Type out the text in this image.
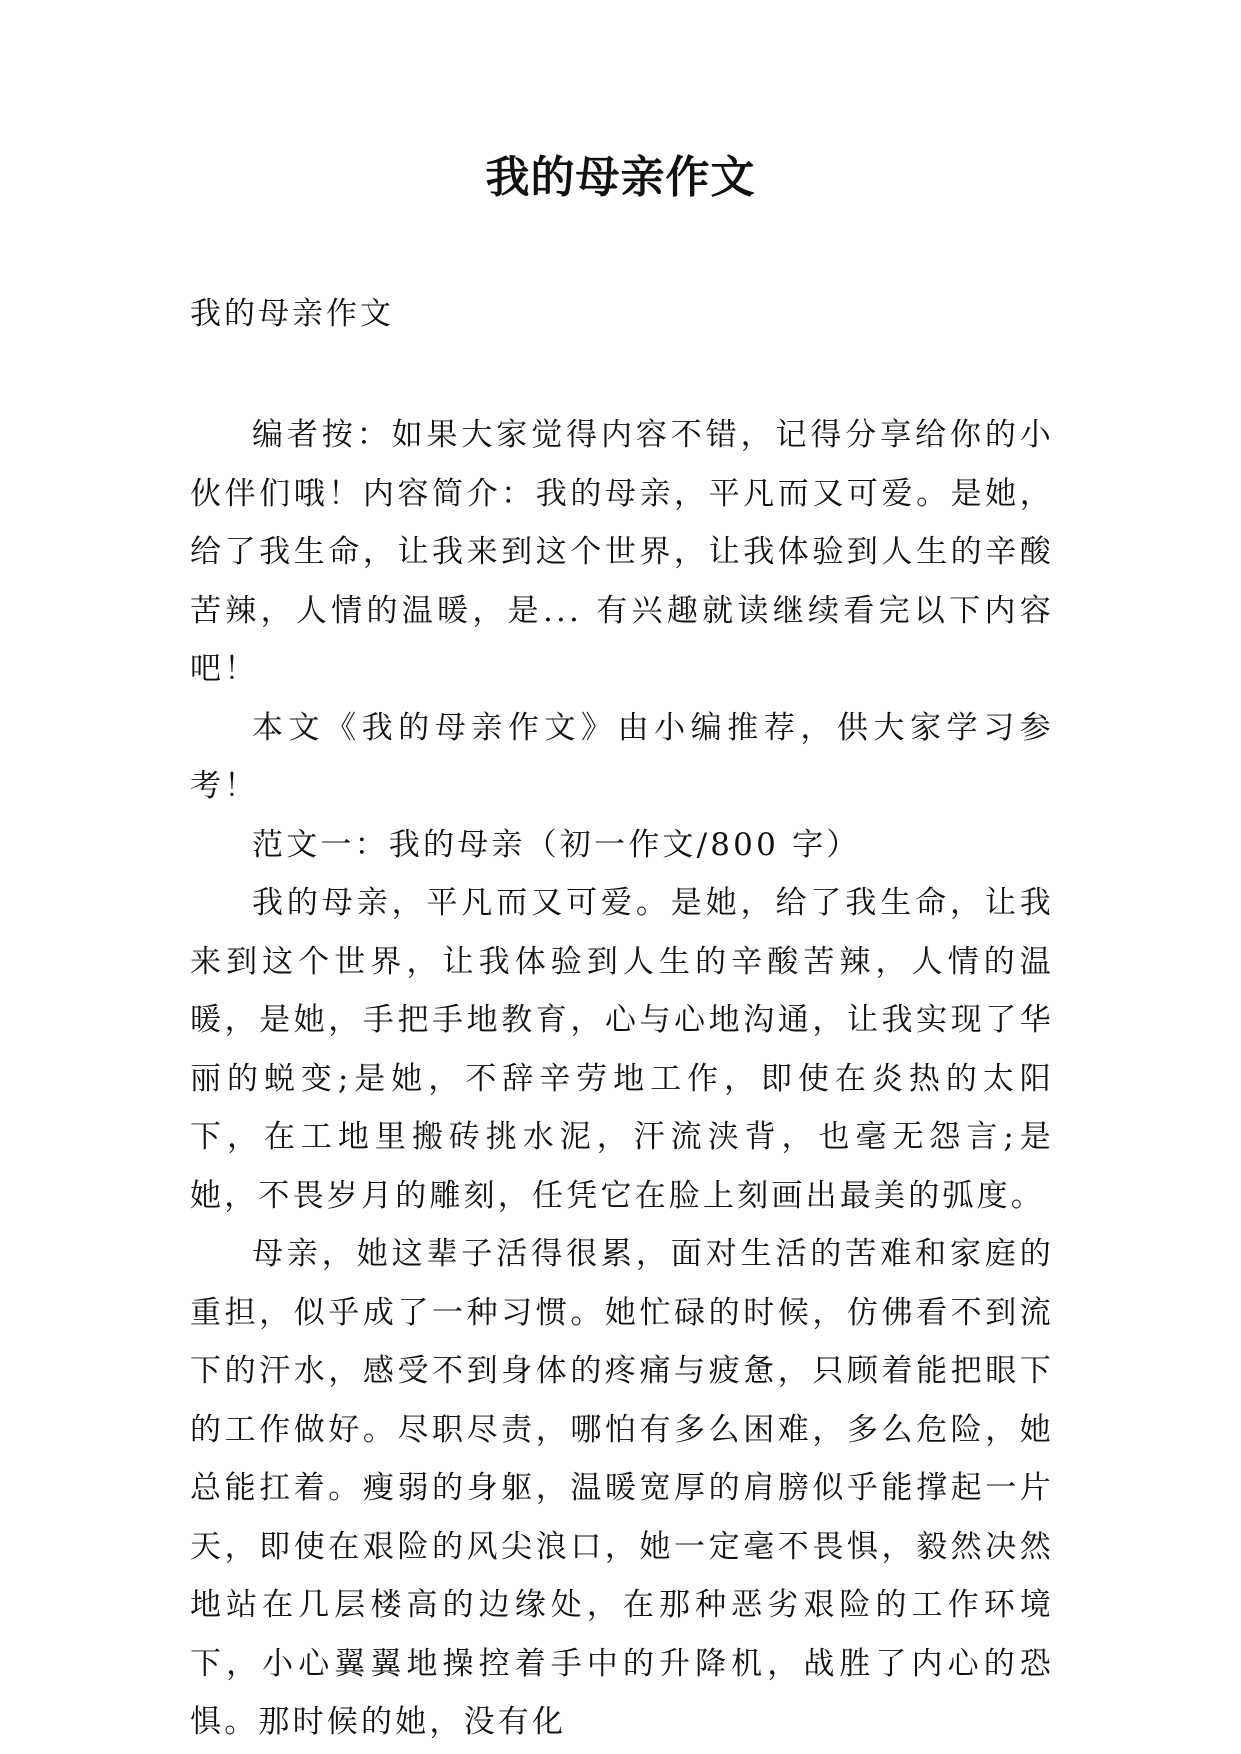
我的母亲作文
我的母亲作文

编者按：如果大家觉得内容不错，记得分享给你的小伙伴们哦！内容简介：我的母亲，平凡而又可爱。是她，给了我生命，让我来到这个世界，让我体验到人生的辛酸苦辣，人情的温暖，是... 有兴趣就读继续看完以下内容吧！

本文《我的母亲作文》由小编推荐，供大家学习参考！

范文一：我的母亲（初一作文/800 字）

我的母亲，平凡而又可爱。是她，给了我生命，让我来到这个世界，让我体验到人生的辛酸苦辣，人情的温暖，是她，手把手地教育，心与心地沟通，让我实现了华丽的蜕变;是她，不辞辛劳地工作，即使在炎热的太阳下，在工地里搬砖挑水泥，汗流浃背，也毫无怨言;是她，不畏岁月的雕刻，任凭它在脸上刻画出最美的弧度。

母亲，她这辈子活得很累，面对生活的苦难和家庭的重担，似乎成了一种习惯。她忙碌的时候，仿佛看不到流下的汗水，感受不到身体的疼痛与疲惫，只顾着能把眼下的工作做好。尽职尽责，哪怕有多么困难，多么危险，她总能扛着。瘦弱的身躯，温暖宽厚的肩膀似乎能撑起一片天，即使在艰险的风尖浪口，她一定毫不畏惧，毅然决然地站在几层楼高的边缘处，在那种恶劣艰险的工作环境下，小心翼翼地操控着手中的升降机，战胜了内心的恐惧。那时候的她，没有化
